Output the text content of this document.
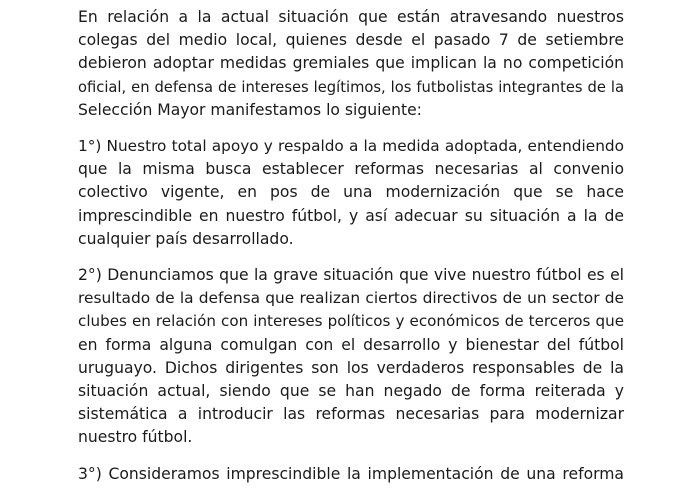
En relación a la actual situación que están atravesando nuestros
colegas del medio local, quienes desde el pasado 7 de setiembre
debieron adoptar medidas gremiales que implican la no competición
oficial, en defensa de intereses legítimos, los futbolistas integrantes de la
Selección Mayor manifestamos lo siguiente:

1°) Nuestro total apoyo y respaldo a la medida adoptada, entendiendo
que la misma busca establecer reformas necesarias al convenio
colectivo vigente, en pos de una modernización que se hace
imprescindible en nuestro fútbol, y así adecuar su situación a la de
cualquier país desarrollado.

2°) Denunciamos que la grave situación que vive nuestro fútbol es el
resultado de la defensa que realizan ciertos directivos de un sector de
clubes en relación con intereses políticos y económicos de terceros que
en forma alguna comulgan con el desarrollo y bienestar del fútbol
uruguayo. Dichos dirigentes son los verdaderos responsables de la
situación actual, siendo que se han negado de forma reiterada y
sistemática a introducir las reformas necesarias para modernizar
nuestro fútbol.

3°) Consideramos imprescindible la implementación de una reforma
